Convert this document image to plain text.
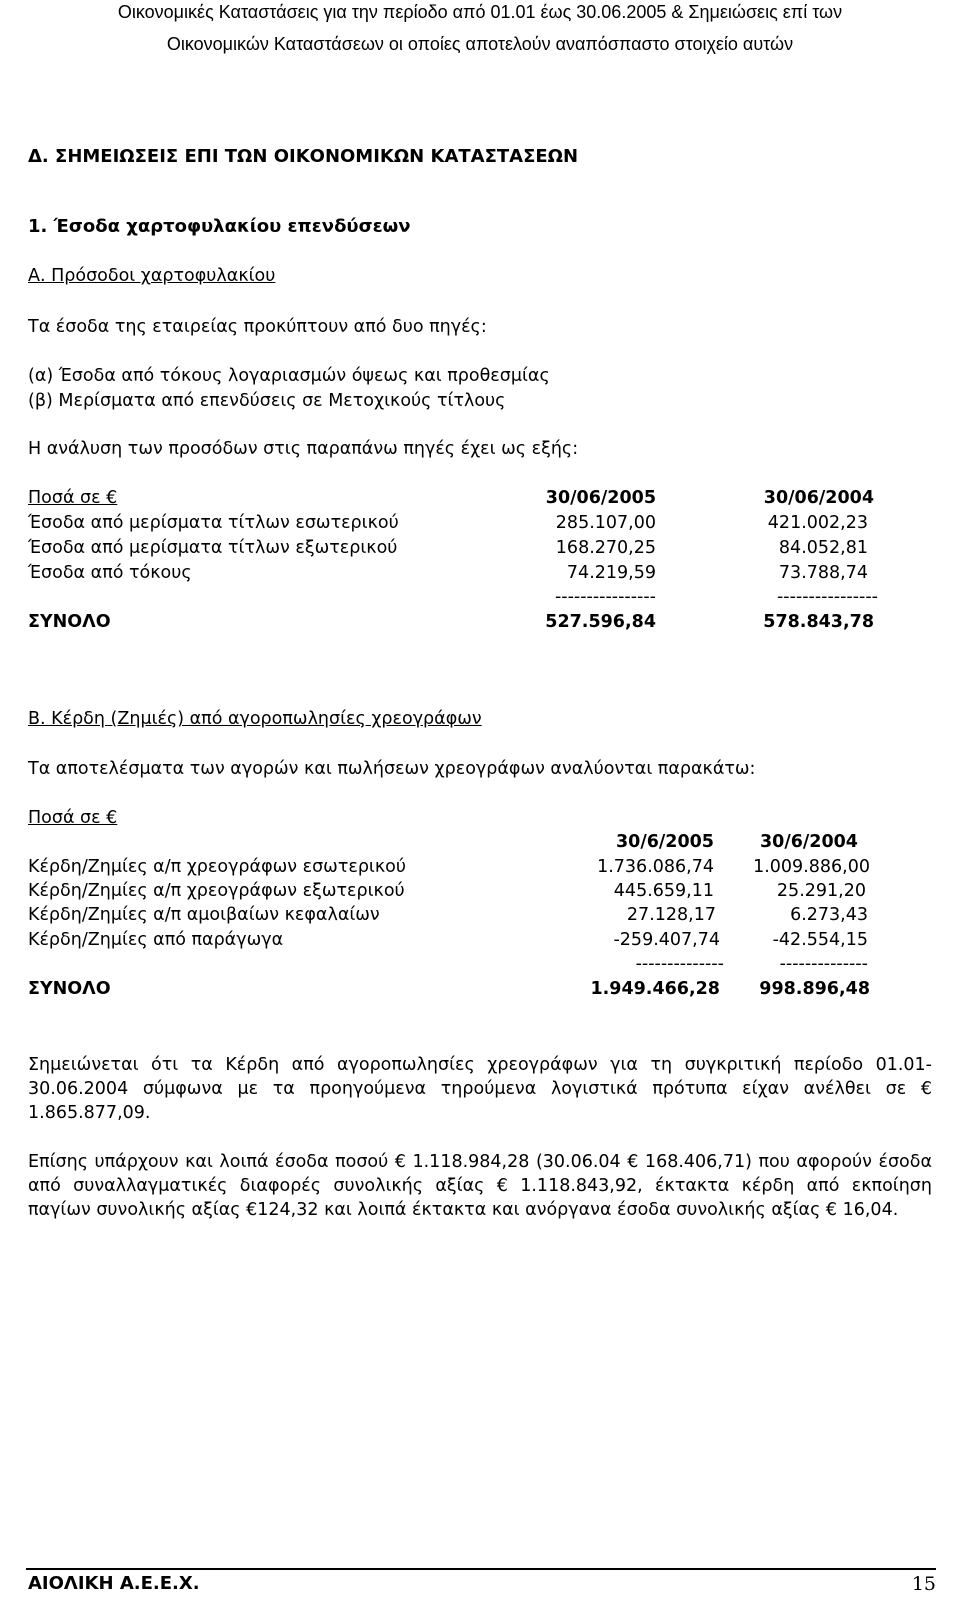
Οικονομικές Καταστάσεις για την περίοδο από 01.01 έως 30.06.2005 & Σημειώσεις επί των
Οικονομικών Καταστάσεων οι οποίες αποτελούν αναπόσπαστο στοιχείο αυτών
Δ. ΣΗΜΕΙΩΣΕΙΣ ΕΠΙ ΤΩΝ ΟΙΚΟΝΟΜΙΚΩΝ ΚΑΤΑΣΤΑΣΕΩΝ
1. Έσοδα χαρτοφυλακίου επενδύσεων
Α. Πρόσοδοι χαρτοφυλακίου
Τα έσοδα της εταιρείας προκύπτουν από δυο πηγές:
(α) Έσοδα από τόκους λογαριασμών όψεως και προθεσμίας
(β) Μερίσματα από επενδύσεις σε Μετοχικούς τίτλους
Η ανάλυση των προσόδων στις παραπάνω πηγές έχει ως εξής:
Ποσά σε €	30/06/2005	30/06/2004
Έσοδα από μερίσματα τίτλων εσωτερικού	285.107,00	421.002,23
Έσοδα από μερίσματα τίτλων εξωτερικού	168.270,25	84.052,81
Έσοδα από τόκους	74.219,59	73.788,74
----------------	----------------
ΣΥΝΟΛΟ	527.596,84	578.843,78
Β. Κέρδη (Ζημιές) από αγοροπωλησίες χρεογράφων
Τα αποτελέσματα των αγορών και πωλήσεων χρεογράφων αναλύονται παρακάτω:
Ποσά σε €
30/6/2005	30/6/2004
Κέρδη/Ζημίες α/π χρεογράφων εσωτερικού	1.736.086,74	1.009.886,00
Κέρδη/Ζημίες α/π χρεογράφων εξωτερικού	445.659,11	25.291,20
Κέρδη/Ζημίες α/π αμοιβαίων κεφαλαίων	27.128,17	6.273,43
Κέρδη/Ζημίες από παράγωγα	-259.407,74	-42.554,15
--------------	--------------
ΣΥΝΟΛΟ	1.949.466,28	998.896,48
Σημειώνεται ότι τα Κέρδη από αγοροπωλησίες χρεογράφων για τη συγκριτική περίοδο 01.01-30.06.2004 σύμφωνα με τα προηγούμενα τηρούμενα λογιστικά πρότυπα είχαν ανέλθει σε € 1.865.877,09.
Επίσης υπάρχουν και λοιπά έσοδα ποσού € 1.118.984,28 (30.06.04 € 168.406,71) που αφορούν έσοδα από συναλλαγματικές διαφορές συνολικής αξίας € 1.118.843,92, έκτακτα κέρδη από εκποίηση παγίων συνολικής αξίας €124,32 και λοιπά έκτακτα και ανόργανα έσοδα συνολικής αξίας € 16,04.
ΑΙΟΛΙΚΗ Α.Ε.Ε.Χ.	15
